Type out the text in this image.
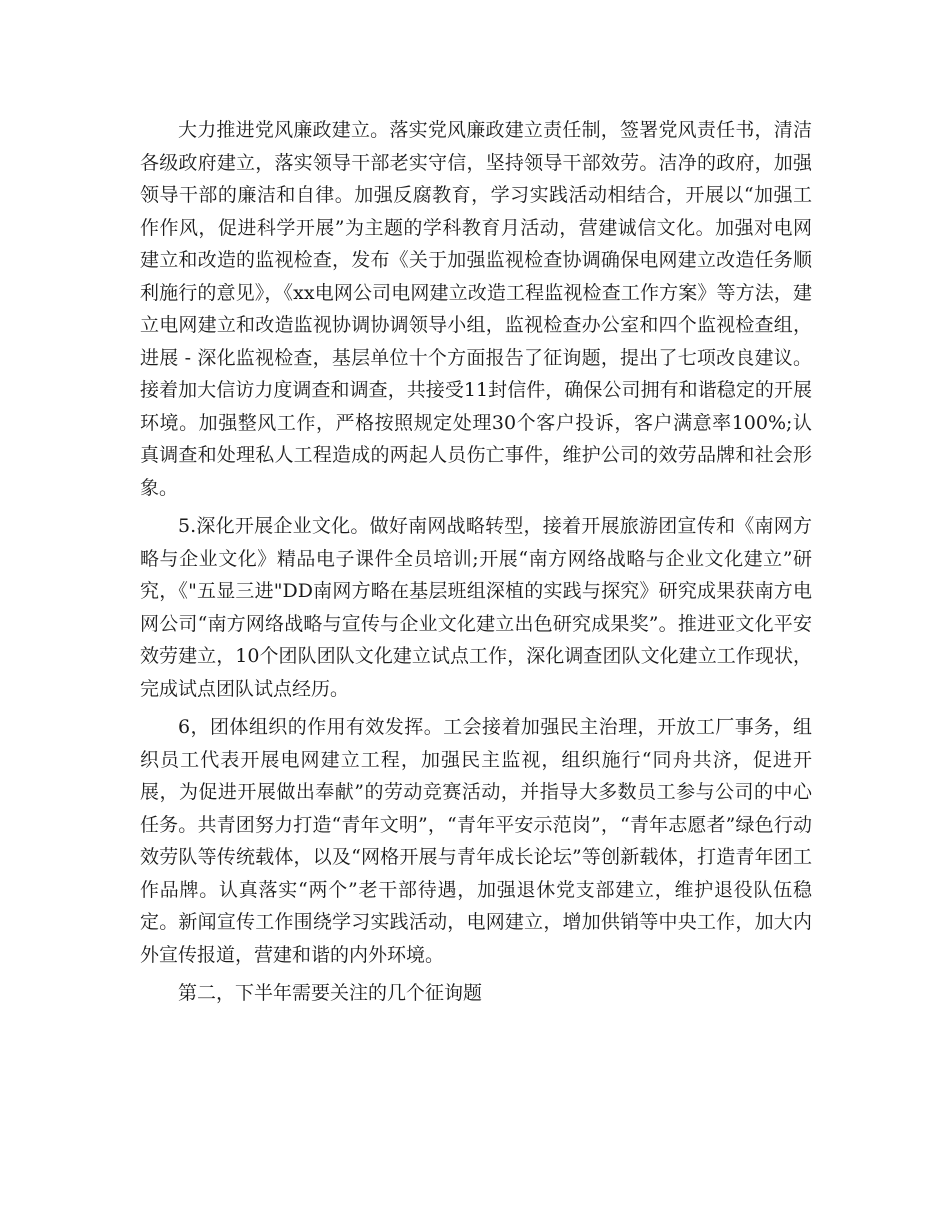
大力推进党风廉政建立。落实党风廉政建立责任制，签署党风责任书，清洁各级政府建立，落实领导干部老实守信，坚持领导干部效劳。洁净的政府，加强领导干部的廉洁和自律。加强反腐教育，学习实践活动相结合，开展以“加强工作作风，促进科学开展”为主题的学科教育月活动，营建诚信文化。加强对电网建立和改造的监视检查，发布《关于加强监视检查协调确保电网建立改造任务顺利施行的意见》，《xx电网公司电网建立改造工程监视检查工作方案》等方法，建立电网建立和改造监视协调协调领导小组，监视检查办公室和四个监视检查组，进展 - 深化监视检查，基层单位十个方面报告了征询题，提出了七项改良建议。接着加大信访力度调查和调查，共接受11封信件，确保公司拥有和谐稳定的开展环境。加强整风工作，严格按照规定处理30个客户投诉，客户满意率100%;认真调查和处理私人工程造成的两起人员伤亡事件，维护公司的效劳品牌和社会形象。

5.深化开展企业文化。做好南网战略转型，接着开展旅游团宣传和《南网方略与企业文化》精品电子课件全员培训;开展“南方网络战略与企业文化建立”研究，《"五显三进"DD南网方略在基层班组深植的实践与探究》研究成果获南方电网公司“南方网络战略与宣传与企业文化建立出色研究成果奖”。推进亚文化平安效劳建立，10个团队团队文化建立试点工作，深化调查团队文化建立工作现状，完成试点团队试点经历。

6，团体组织的作用有效发挥。工会接着加强民主治理，开放工厂事务，组织员工代表开展电网建立工程，加强民主监视，组织施行“同舟共济，促进开展，为促进开展做出奉献”的劳动竞赛活动，并指导大多数员工参与公司的中心任务。共青团努力打造“青年文明”，“青年平安示范岗”，“青年志愿者”绿色行动效劳队等传统载体，以及“网格开展与青年成长论坛”等创新载体，打造青年团工作品牌。认真落实“两个”老干部待遇，加强退休党支部建立，维护退役队伍稳定。新闻宣传工作围绕学习实践活动，电网建立，增加供销等中央工作，加大内外宣传报道，营建和谐的内外环境。

第二，下半年需要关注的几个征询题
